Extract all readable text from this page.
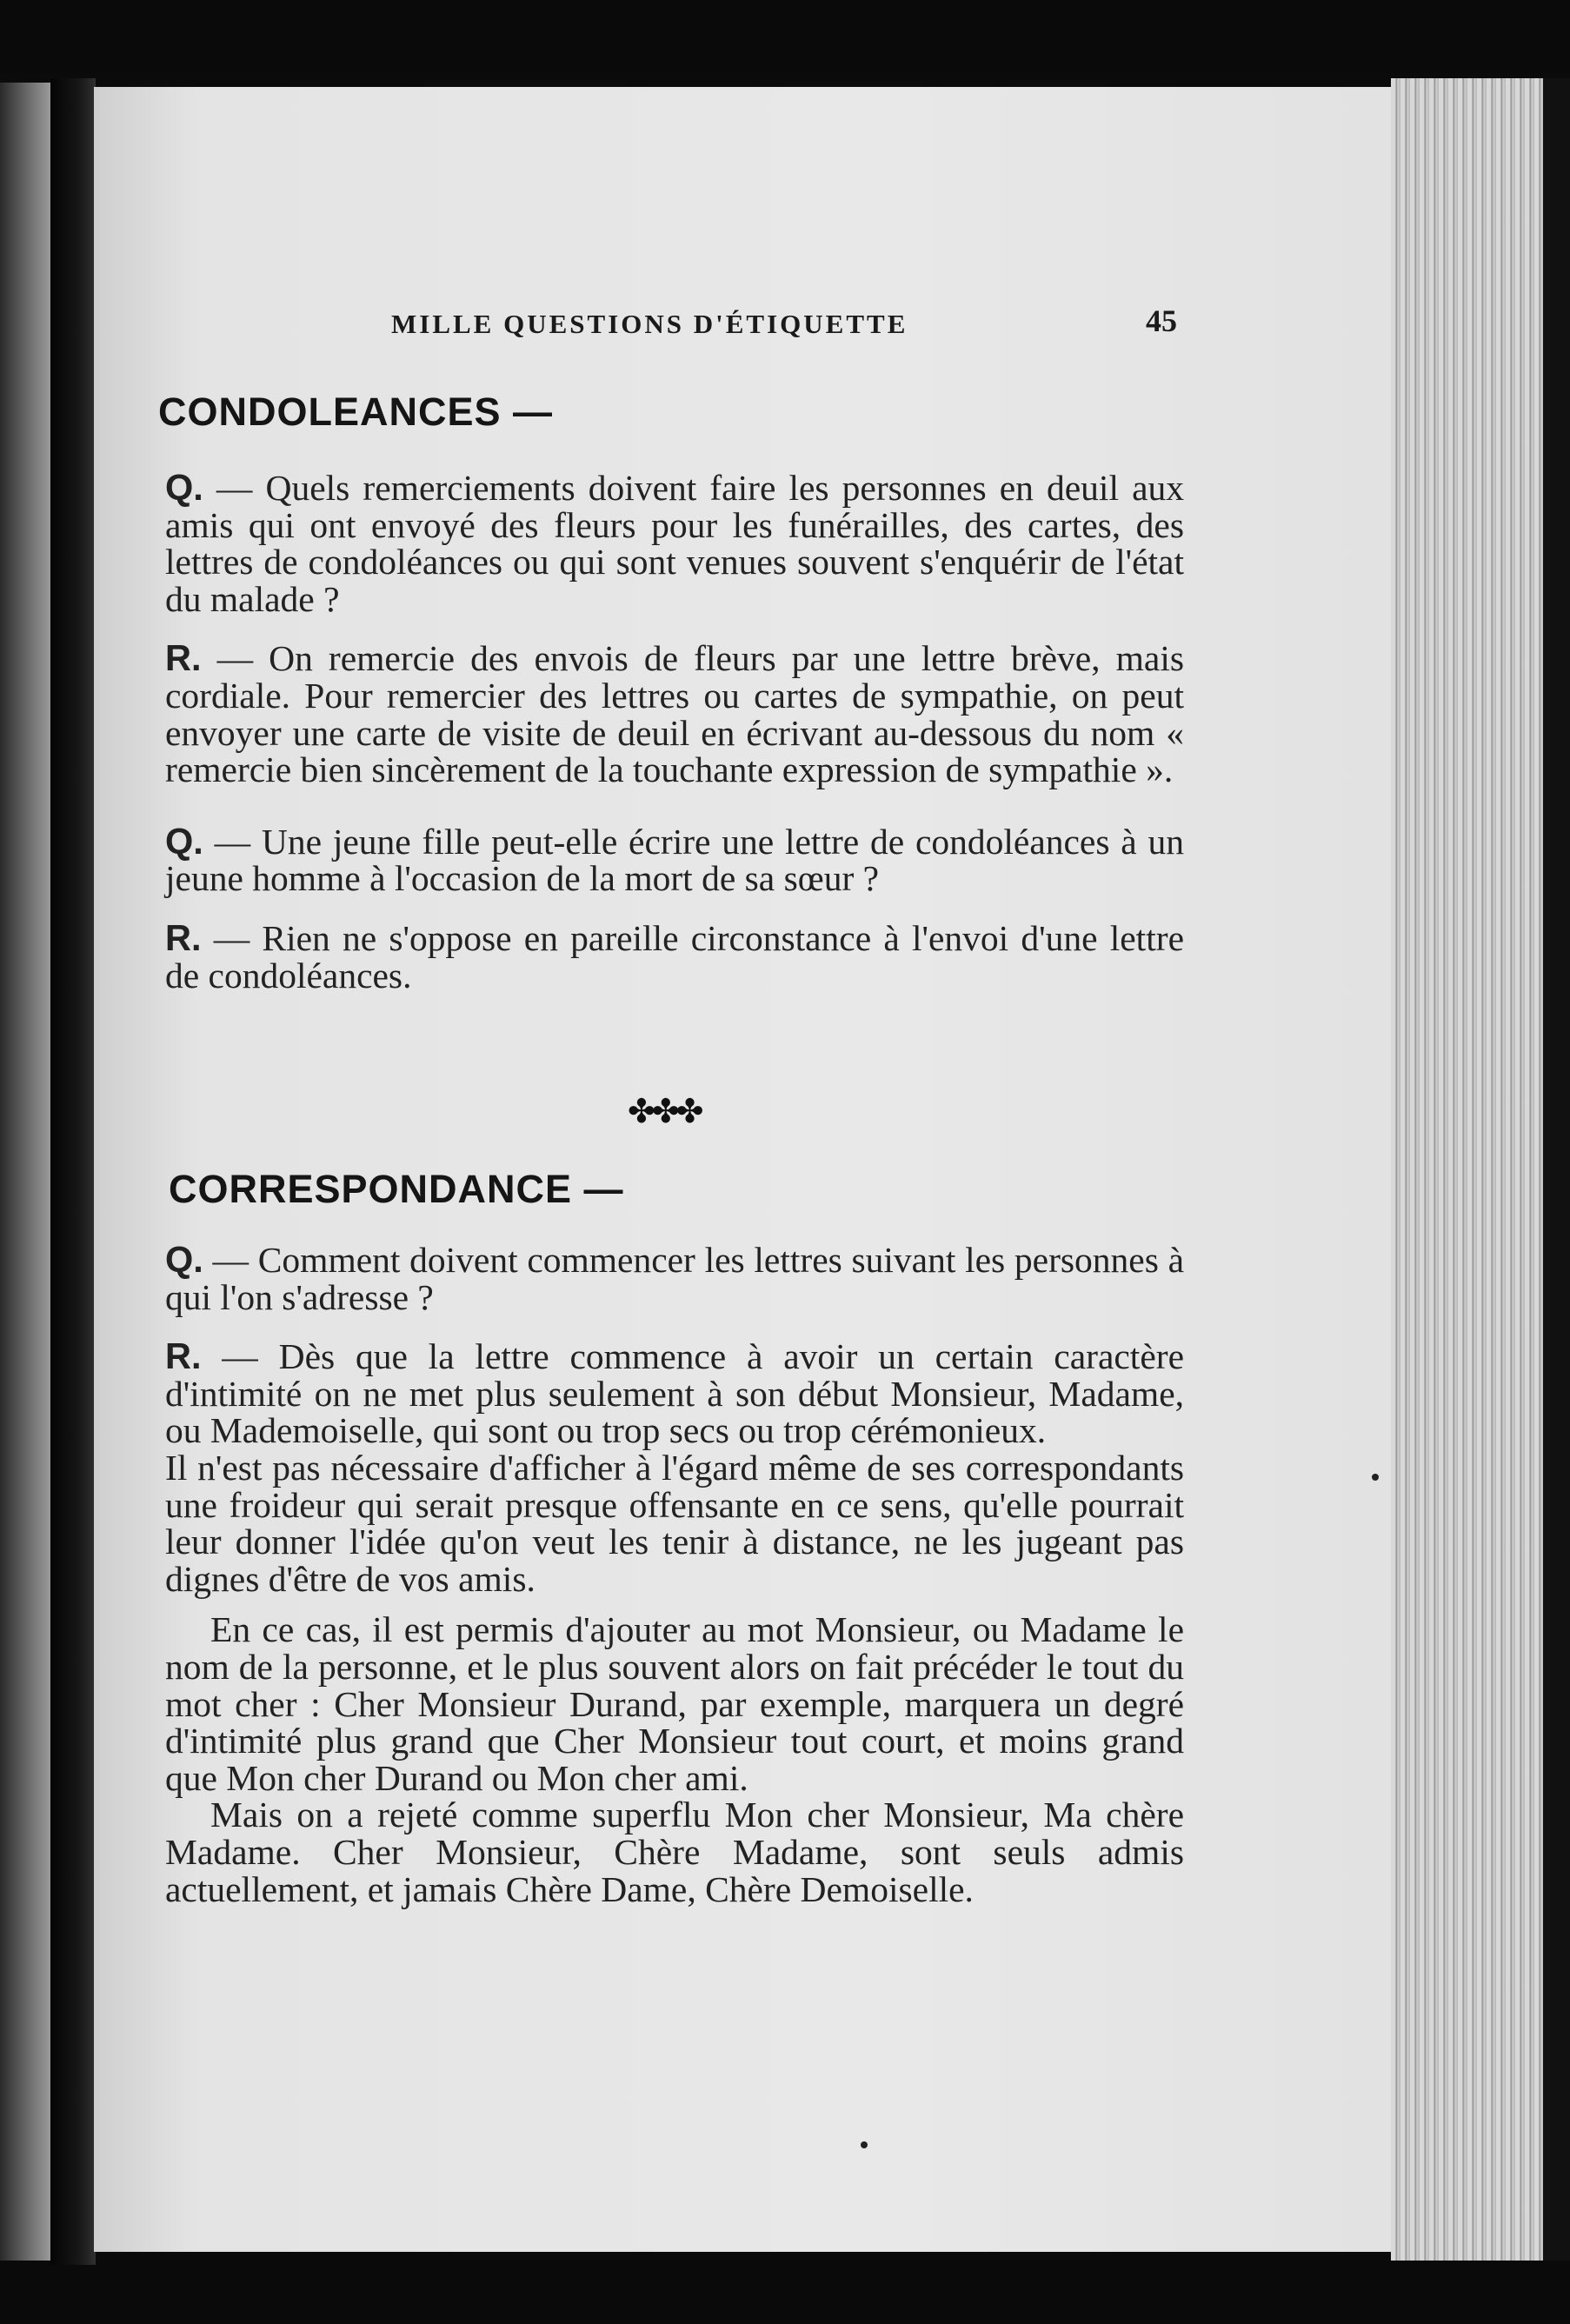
MILLE QUESTIONS D'ÉTIQUETTE	45
CONDOLEANCES —

Q. — Quels remerciements doivent faire les personnes en deuil aux amis qui ont envoyé des fleurs pour les funérailles, des cartes, des lettres de condoléances ou qui sont venues souvent s'enquérir de l'état du malade ?

R. — On remercie des envois de fleurs par une lettre brève, mais cordiale. Pour remercier des lettres ou cartes de sympathie, on peut envoyer une carte de visite de deuil en écrivant au-dessous du nom « remercie bien sincèrement de la touchante expression de sympathie ».

Q. — Une jeune fille peut-elle écrire une lettre de condoléances à un jeune homme à l'occasion de la mort de sa sœur ?

R. — Rien ne s'oppose en pareille circonstance à l'envoi d'une lettre de condoléances.

✤✤✤
CORRESPONDANCE —

Q. — Comment doivent commencer les lettres suivant les personnes à qui l'on s'adresse ?

R. — Dès que la lettre commence à avoir un certain caractère d'intimité on ne met plus seulement à son début Monsieur, Madame, ou Mademoiselle, qui sont ou trop secs ou trop cérémonieux.

Il n'est pas nécessaire d'afficher à l'égard même de ses correspondants une froideur qui serait presque offensante en ce sens, qu'elle pourrait leur donner l'idée qu'on veut les tenir à distance, ne les jugeant pas dignes d'être de vos amis.

En ce cas, il est permis d'ajouter au mot Monsieur, ou Madame le nom de la personne, et le plus souvent alors on fait précéder le tout du mot cher : Cher Monsieur Durand, par exemple, marquera un degré d'intimité plus grand que Cher Monsieur tout court, et moins grand que Mon cher Durand ou Mon cher ami.

Mais on a rejeté comme superflu Mon cher Monsieur, Ma chère Madame. Cher Monsieur, Chère Madame, sont seuls admis actuellement, et jamais Chère Dame, Chère Demoiselle.
